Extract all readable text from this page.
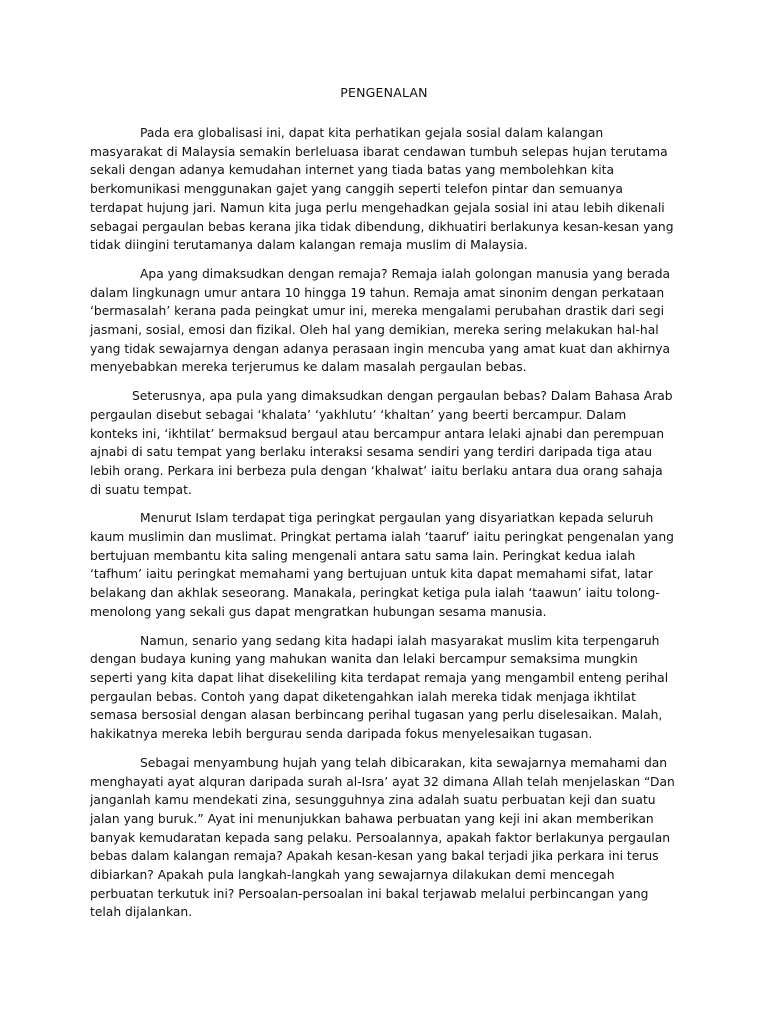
PENGENALAN

Pada era globalisasi ini, dapat kita perhatikan gejala sosial dalam kalangan masyarakat di Malaysia semakin berleluasa ibarat cendawan tumbuh selepas hujan terutama sekali dengan adanya kemudahan internet yang tiada batas yang membolehkan kita berkomunikasi menggunakan gajet yang canggih seperti telefon pintar dan semuanya terdapat hujung jari. Namun kita juga perlu mengehadkan gejala sosial ini atau lebih dikenali sebagai pergaulan bebas kerana jika tidak dibendung, dikhuatiri berlakunya kesan-kesan yang tidak diingini terutamanya dalam kalangan remaja muslim di Malaysia.

Apa yang dimaksudkan dengan remaja? Remaja ialah golongan manusia yang berada dalam lingkunagn umur antara 10 hingga 19 tahun. Remaja amat sinonim dengan perkataan ‘bermasalah’ kerana pada peingkat umur ini, mereka mengalami perubahan drastik dari segi jasmani, sosial, emosi dan fizikal. Oleh hal yang demikian, mereka sering melakukan hal-hal yang tidak sewajarnya dengan adanya perasaan ingin mencuba yang amat kuat dan akhirnya menyebabkan mereka terjerumus ke dalam masalah pergaulan bebas.

Seterusnya, apa pula yang dimaksudkan dengan pergaulan bebas? Dalam Bahasa Arab pergaulan disebut sebagai ‘khalata’ ‘yakhlutu’ ‘khaltan’ yang beerti bercampur. Dalam konteks ini, ‘ikhtilat’ bermaksud bergaul atau bercampur antara lelaki ajnabi dan perempuan ajnabi di satu tempat yang berlaku interaksi sesama sendiri yang terdiri daripada tiga atau lebih orang. Perkara ini berbeza pula dengan ‘khalwat’ iaitu berlaku antara dua orang sahaja di suatu tempat.

Menurut Islam terdapat tiga peringkat pergaulan yang disyariatkan kepada seluruh kaum muslimin dan muslimat. Pringkat pertama ialah ‘taaruf’ iaitu peringkat pengenalan yang bertujuan membantu kita saling mengenali antara satu sama lain. Peringkat kedua ialah ‘tafhum’ iaitu peringkat memahami yang bertujuan untuk kita dapat memahami sifat, latar belakang dan akhlak seseorang. Manakala, peringkat ketiga pula ialah ‘taawun’ iaitu tolong-menolong yang sekali gus dapat mengratkan hubungan sesama manusia.

Namun, senario yang sedang kita hadapi ialah masyarakat muslim kita terpengaruh dengan budaya kuning yang mahukan wanita dan lelaki bercampur semaksima mungkin seperti yang kita dapat lihat disekeliling kita terdapat remaja yang mengambil enteng perihal pergaulan bebas. Contoh yang dapat diketengahkan ialah mereka tidak menjaga ikhtilat semasa bersosial dengan alasan berbincang perihal tugasan yang perlu diselesaikan. Malah, hakikatnya mereka lebih bergurau senda daripada fokus menyelesaikan tugasan.

Sebagai menyambung hujah yang telah dibicarakan, kita sewajarnya memahami dan menghayati ayat alquran daripada surah al-Isra’ ayat 32 dimana Allah telah menjelaskan “Dan janganlah kamu mendekati zina, sesungguhnya zina adalah suatu perbuatan keji dan suatu jalan yang buruk.” Ayat ini menunjukkan bahawa perbuatan yang keji ini akan memberikan banyak kemudaratan kepada sang pelaku. Persoalannya, apakah faktor berlakunya pergaulan bebas dalam kalangan remaja? Apakah kesan-kesan yang bakal terjadi jika perkara ini terus dibiarkan? Apakah pula langkah-langkah yang sewajarnya dilakukan demi mencegah perbuatan terkutuk ini? Persoalan-persoalan ini bakal terjawab melalui perbincangan yang telah dijalankan.
